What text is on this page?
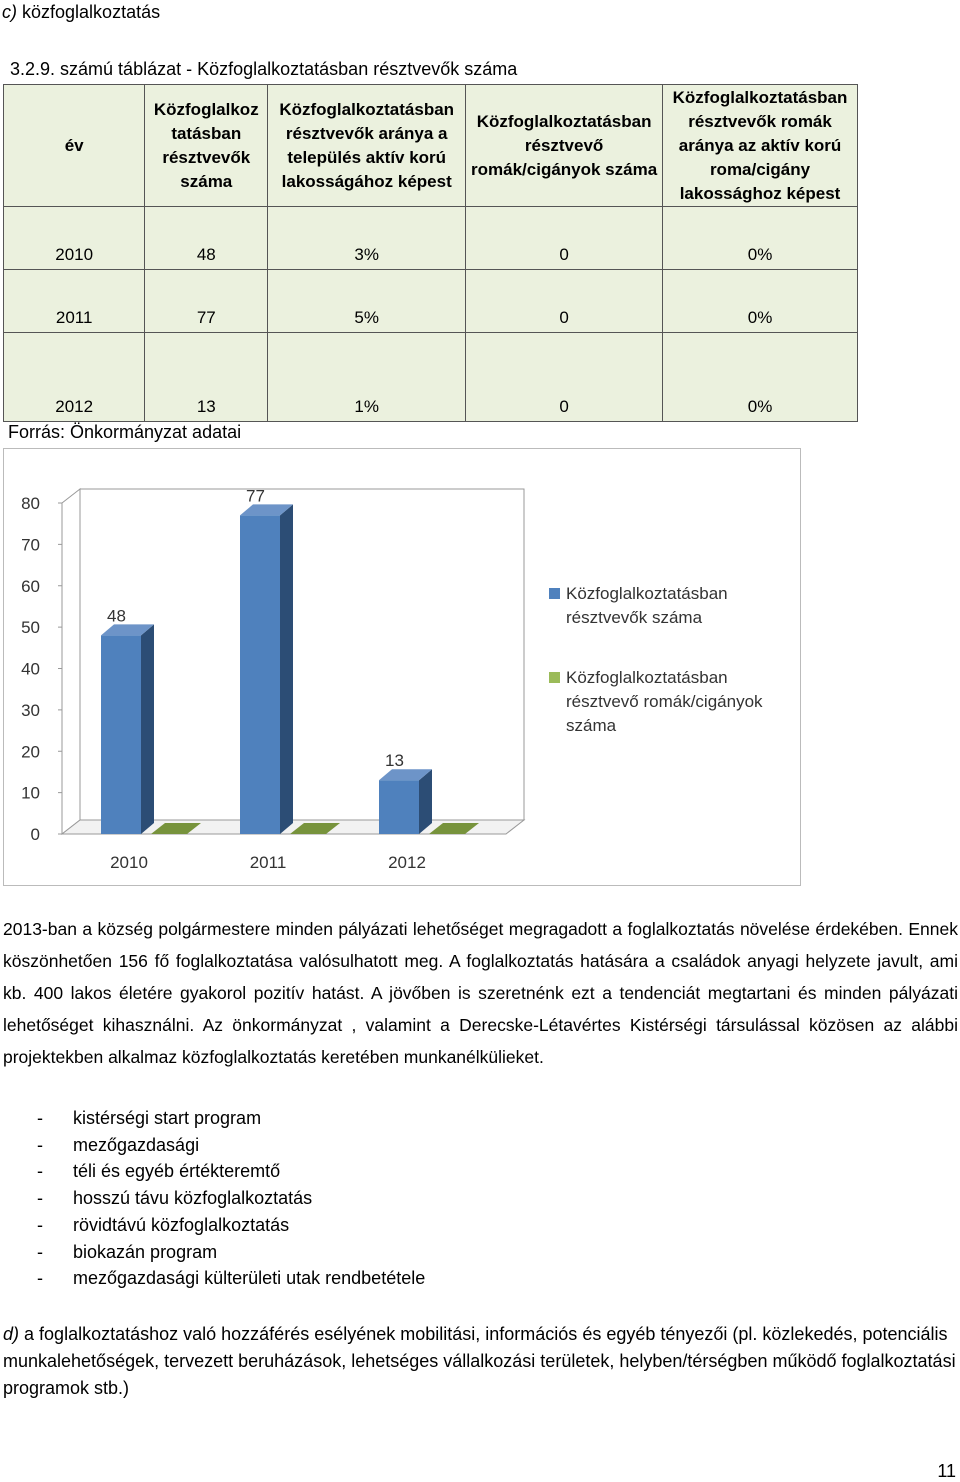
c) közfoglalkoztatás
3.2.9. számú táblázat - Közfoglalkoztatásban résztvevők száma
év	Közfoglalkoz tatásban résztvevők száma	Közfoglalkoztatásban résztvevők aránya a település aktív korú lakosságához képest	Közfoglalkoztatásban résztvevő romák/cigányok száma	Közfoglalkoztatásban résztvevők romák aránya az aktív korú roma/cigány lakossághoz képest
2010	48	3%	0	0%
2011	77	5%	0	0%
2012	13	1%	0	0%
Forrás: Önkormányzat adatai
0
10
20
30
40
50
60
70
80
48
2010
77
2011
13
2012
Közfoglalkoztatásban
résztvevők száma
Közfoglalkoztatásban
résztvevő romák/cigányok
száma

2013-ban a község polgármestere minden pályázati lehetőséget megragadott a foglalkoztatás növelése érdekében. Ennek köszönhetően 156 fő foglalkoztatása valósulhatott meg. A foglalkoztatás hatására a családok anyagi helyzete javult, ami kb. 400 lakos életére gyakorol pozitív hatást. A jövőben is szeretnénk ezt a tendenciát megtartani és minden pályázati lehetőséget kihasználni. Az önkormányzat , valamint a Derecske-Létavértes Kistérségi társulással közösen az alábbi projektekben alkalmaz közfoglalkoztatás keretében munkanélkülieket.

- kistérségi start program
- mezőgazdasági
- téli és egyéb értékteremtő
- hosszú távu közfoglalkoztatás
- rövidtávú közfoglalkoztatás
- biokazán program
- mezőgazdasági külterületi utak rendbetétele
d) a foglalkoztatáshoz való hozzáférés esélyének mobilitási, információs és egyéb tényezői (pl. közlekedés, potenciális munkalehetőségek, tervezett beruházások, lehetséges vállalkozási területek, helyben/térségben működő foglalkoztatási programok stb.)
11
